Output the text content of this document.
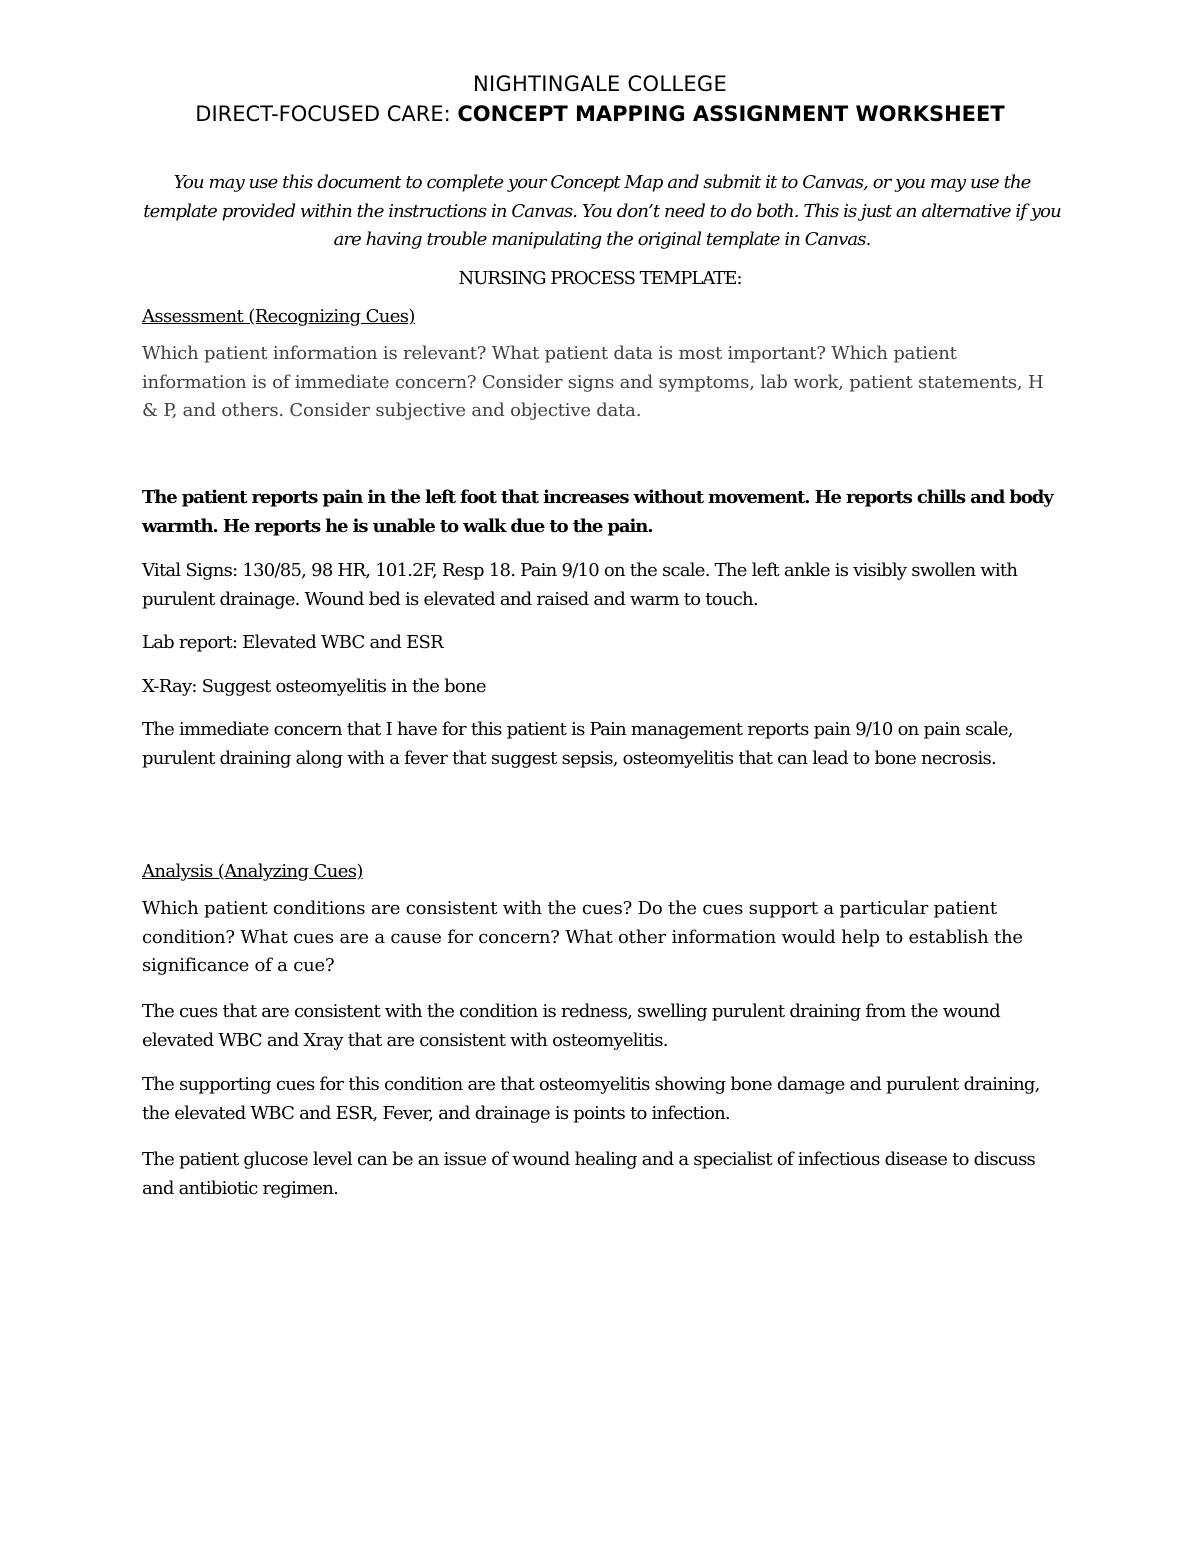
NIGHTINGALE COLLEGE
DIRECT-FOCUSED CARE: CONCEPT MAPPING ASSIGNMENT WORKSHEET

You may use this document to complete your Concept Map and submit it to Canvas, or you may use the template provided within the instructions in Canvas. You don’t need to do both. This is just an alternative if you are having trouble manipulating the original template in Canvas.

NURSING PROCESS TEMPLATE:
Assessment (Recognizing Cues)

Which patient information is relevant? What patient data is most important? Which patient information is of immediate concern? Consider signs and symptoms, lab work, patient statements, H & P, and others. Consider subjective and objective data.

The patient reports pain in the left foot that increases without movement. He reports chills and body warmth. He reports he is unable to walk due to the pain.

Vital Signs: 130/85, 98 HR, 101.2F, Resp 18. Pain 9/10 on the scale. The left ankle is visibly swollen with purulent drainage. Wound bed is elevated and raised and warm to touch.

Lab report: Elevated WBC and ESR

X-Ray: Suggest osteomyelitis in the bone

The immediate concern that I have for this patient is Pain management reports pain 9/10 on pain scale, purulent draining along with a fever that suggest sepsis, osteomyelitis that can lead to bone necrosis.

Analysis (Analyzing Cues)

Which patient conditions are consistent with the cues? Do the cues support a particular patient condition? What cues are a cause for concern? What other information would help to establish the significance of a cue?

The cues that are consistent with the condition is redness, swelling purulent draining from the wound elevated WBC and Xray that are consistent with osteomyelitis.

The supporting cues for this condition are that osteomyelitis showing bone damage and purulent draining, the elevated WBC and ESR, Fever, and drainage is points to infection.

The patient glucose level can be an issue of wound healing and a specialist of infectious disease to discuss and antibiotic regimen.
